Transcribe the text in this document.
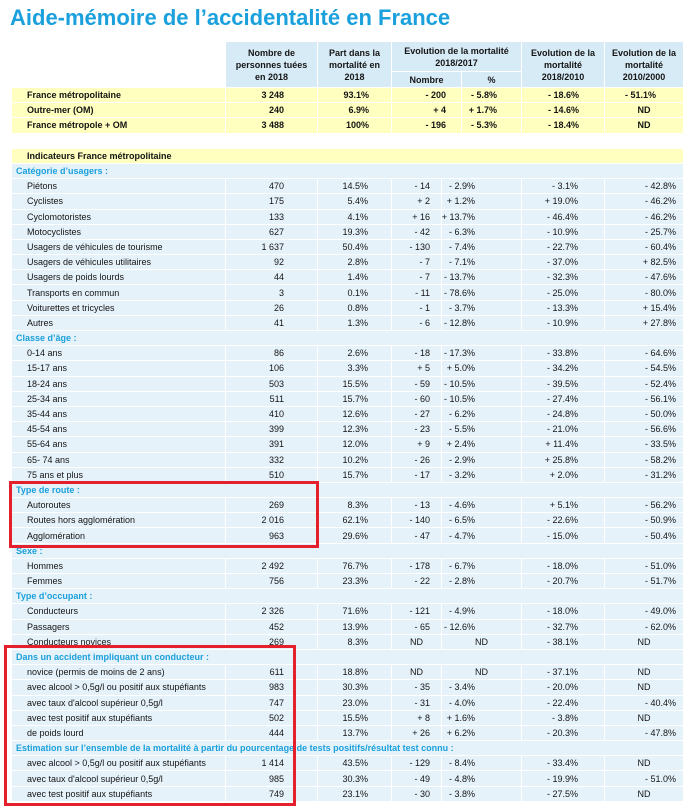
Aide-mémoire de l’accidentalité en France
Nombre de
personnes tuées
en 2018
Part dans la
mortalité en
2018
Evolution de la mortalité
2018/2017
Nombre	%
Evolution de la
mortalité
2018/2010
Evolution de la
mortalité
2010/2000
France métropolitaine	3 248	93.1%	- 200	- 5.8%	- 18.6%	- 51.1%
Outre-mer (OM)	240	6.9%	+ 4	+ 1.7%	- 14.6%	ND
France métropole + OM	3 488	100%	- 196	- 5.3%	- 18.4%	ND
Indicateurs France métropolitaine
Catégorie d’usagers :
Piétons	470	14.5%	- 14	- 2.9%	- 3.1%	- 42.8%
Cyclistes	175	5.4%	+ 2	+ 1.2%	+ 19.0%	- 46.2%
Cyclomotoristes	133	4.1%	+ 16	+ 13.7%	- 46.4%	- 46.2%
Motocyclistes	627	19.3%	- 42	- 6.3%	- 10.9%	- 25.7%
Usagers de véhicules de tourisme	1 637	50.4%	- 130	- 7.4%	- 22.7%	- 60.4%
Usagers de véhicules utilitaires	92	2.8%	- 7	- 7.1%	- 37.0%	+ 82.5%
Usagers de poids lourds	44	1.4%	- 7	- 13.7%	- 32.3%	- 47.6%
Transports en commun	3	0.1%	- 11	- 78.6%	- 25.0%	- 80.0%
Voiturettes et tricycles	26	0.8%	- 1	- 3.7%	- 13.3%	+ 15.4%
Autres	41	1.3%	- 6	- 12.8%	- 10.9%	+ 27.8%
Classe d’âge :
0-14 ans	86	2.6%	- 18	- 17.3%	- 33.8%	- 64.6%
15-17 ans	106	3.3%	+ 5	+ 5.0%	- 34.2%	- 54.5%
18-24 ans	503	15.5%	- 59	- 10.5%	- 39.5%	- 52.4%
25-34 ans	511	15.7%	- 60	- 10.5%	- 27.4%	- 56.1%
35-44 ans	410	12.6%	- 27	- 6.2%	- 24.8%	- 50.0%
45-54 ans	399	12.3%	- 23	- 5.5%	- 21.0%	- 56.6%
55-64 ans	391	12.0%	+ 9	+ 2.4%	+ 11.4%	- 33.5%
65- 74 ans	332	10.2%	- 26	- 2.9%	+ 25.8%	- 58.2%
75 ans et plus	510	15.7%	- 17	- 3.2%	+ 2.0%	- 31.2%
Type de route :
Autoroutes	269	8.3%	- 13	- 4.6%	+ 5.1%	- 56.2%
Routes hors agglomération	2 016	62.1%	- 140	- 6.5%	- 22.6%	- 50.9%
Agglomération	963	29.6%	- 47	- 4.7%	- 15.0%	- 50.4%
Sexe :
Hommes	2 492	76.7%	- 178	- 6.7%	- 18.0%	- 51.0%
Femmes	756	23.3%	- 22	- 2.8%	- 20.7%	- 51.7%
Type d’occupant :
Conducteurs	2 326	71.6%	- 121	- 4.9%	- 18.0%	- 49.0%
Passagers	452	13.9%	- 65	- 12.6%	- 32.7%	- 62.0%
Conducteurs novices	269	8.3%	ND	ND	- 38.1%	ND
Dans un accident impliquant un conducteur :
novice (permis de moins de 2 ans)	611	18.8%	ND	ND	- 37.1%	ND
avec alcool > 0,5g/l ou positif aux stupéfiants	983	30.3%	- 35	- 3.4%	- 20.0%	ND
avec taux d'alcool supérieur 0,5g/l	747	23.0%	- 31	- 4.0%	- 22.4%	- 40.4%
avec test positif aux stupéfiants	502	15.5%	+ 8	+ 1.6%	- 3.8%	ND
de poids lourd	444	13.7%	+ 26	+ 6.2%	- 20.3%	- 47.8%
Estimation sur l’ensemble de la mortalité à partir du pourcentage de tests positifs/résultat test connu :
avec alcool > 0,5g/l ou positif aux stupéfiants	1 414	43.5%	- 129	- 8.4%	- 33.4%	ND
avec taux d'alcool supérieur 0,5g/l	985	30.3%	- 49	- 4.8%	- 19.9%	- 51.0%
avec test positif aux stupéfiants	749	23.1%	- 30	- 3.8%	- 27.5%	ND
